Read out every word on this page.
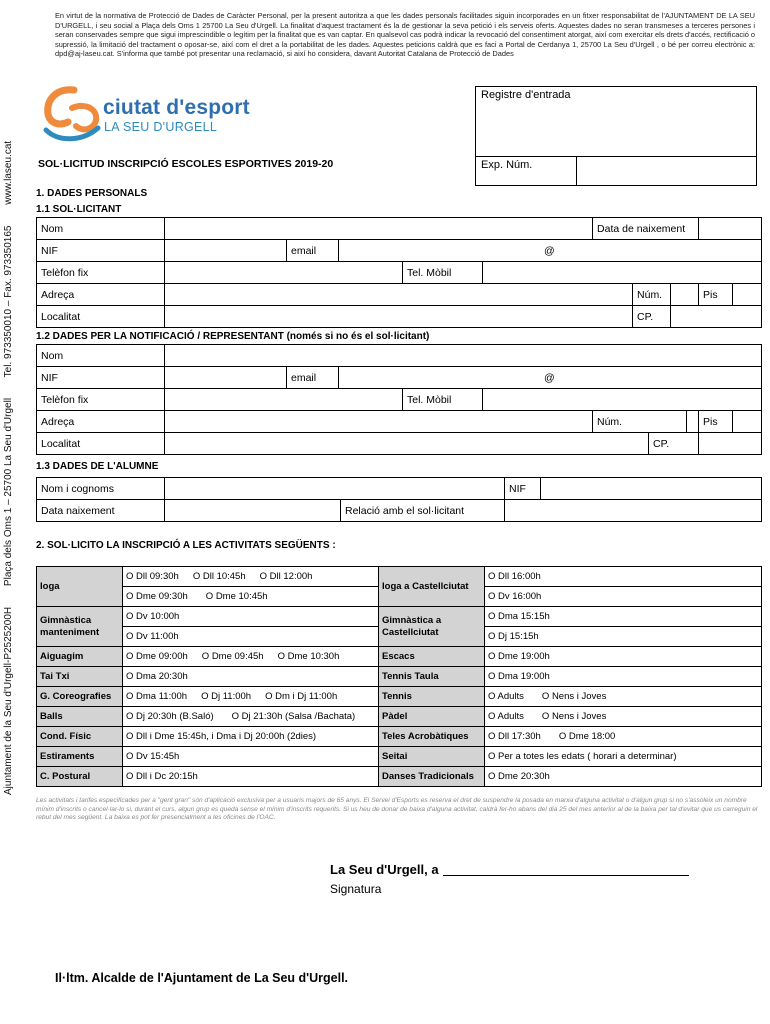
En virtut de la normativa de Protecció de Dades de Caràcter Personal, per la present autoritza a que les dades personals facilitades siguin incorporades en un fitxer responsabilitat de l'AJUNTAMENT DE LA SEU D'URGELL, i seu social a Plaça dels Oms 1 25700 La Seu d'Urgell. La finalitat d'aquest tractament és la de gestionar la seva petició i els serveis oferts. Aquestes dades no seran transmeses a terceres persones i seran conservades sempre que sigui imprescindible o legítim per la finalitat que es van captar. En qualsevol cas podrà indicar la revocació del consentiment atorgat, així com exercitar els drets d'accés, rectificació o supressió, la limitació del tractament o oposar-se, així com el dret a la portabilitat de les dades. Aquestes peticions caldrà que es faci a Portal de Cerdanya 1, 25700 La Seu d'Urgell , o bé per correu electrònic a: dpd@aj-laseu.cat. S'informa que també pot presentar una reclamació, si així ho considera, davant Autoritat Catalana de Protecció de Dades
Ajuntament de la Seu d'Urgell-P2525200H Plaça dels Oms 1 – 25700 La Seu d'Urgell Tel. 973350010 – Fax. 973350165 www.laseu.cat
ciutat d'esport
LA SEU D'URGELL
Registre d'entrada
Exp. Núm.
SOL·LICITUD INSCRIPCIÓ ESCOLES ESPORTIVES 2019-20
1. DADES PERSONALS
1.1 SOL·LICITANT
Nom						Data de naixement				
NIF		email	@							
Telèfon fix				Tel. Mòbil						
Adreça							Núm.		Pis	
Localitat							CP.			
1.2 DADES PER LA NOTIFICACIÓ / REPRESENTANT (només si no és el sol·licitant)
Nom										
NIF		email	@							
Telèfon fix				Tel. Mòbil						
Adreça						Núm.			Pis	
Localitat							CP.			
1.3 DADES DE L'ALUMNE
Nom i cognoms			NIF	
Data naixement		Relació amb el sol·licitant		
2. SOL·LICITO LA INSCRIPCIÓ A LES ACTIVITATS SEGÜENTS :
Ioga	O Dll 09:30h O Dll 10:45h O Dll 12:00h	Ioga a Castellciutat	O Dll 16:00h
	O Dme 09:30h O Dme 10:45h		O Dv 16:00h
Gimnàstica manteniment	O Dv 10:00h	Gimnàstica a Castellciutat	O Dma 15:15h
	O Dv 11:00h		O Dj 15:15h
Aiguagim	O Dme 09:00h O Dme 09:45h O Dme 10:30h	Escacs	O Dme 19:00h
Tai Txi	O Dma 20:30h	Tennis Taula	O Dma 19:00h
G. Coreografies	O Dma 11:00h O Dj 11:00h O Dm i Dj 11:00h	Tennis	O Adults O Nens i Joves
Balls	O Dj 20:30h (B.Saló) O Dj 21:30h (Salsa /Bachata)	Pàdel	O Adults O Nens i Joves
Cond. Físic	O Dll i Dme 15:45h, i Dma i Dj 20:00h (2dies)	Teles Acrobàtiques	O Dll 17:30h O Dme 18:00
Estiraments	O Dv 15:45h	Seitai	O Per a totes les edats ( horari a determinar)
C. Postural	O Dll i Dc 20:15h	Danses Tradicionals	O Dme 20:30h
Les activitats i tarifes especificades per a "gent gran" són d'aplicació exclusiva per a usuaris majors de 65 anys. El Servei d'Esports es reserva el dret de suspendre la posada en marxa d'alguna activitat o d'algun grup si no s'assoleix un nombre mínim d'inscrits o cancel·lar-lo si, durant el curs, algun grup es queda sense el mínim d'inscrits requerits. Si us heu de donar de baixa d'alguna activitat, caldrà fer-ho abans del dia 25 del mes anterior al de la baixa per tal d'evitar que us carreguin el rebut del mes següent. La baixa es pot fer presencialment a les oficines de l'OAC.
La Seu d'Urgell, a
Signatura
Il·ltm. Alcalde de l'Ajuntament de La Seu d'Urgell.
